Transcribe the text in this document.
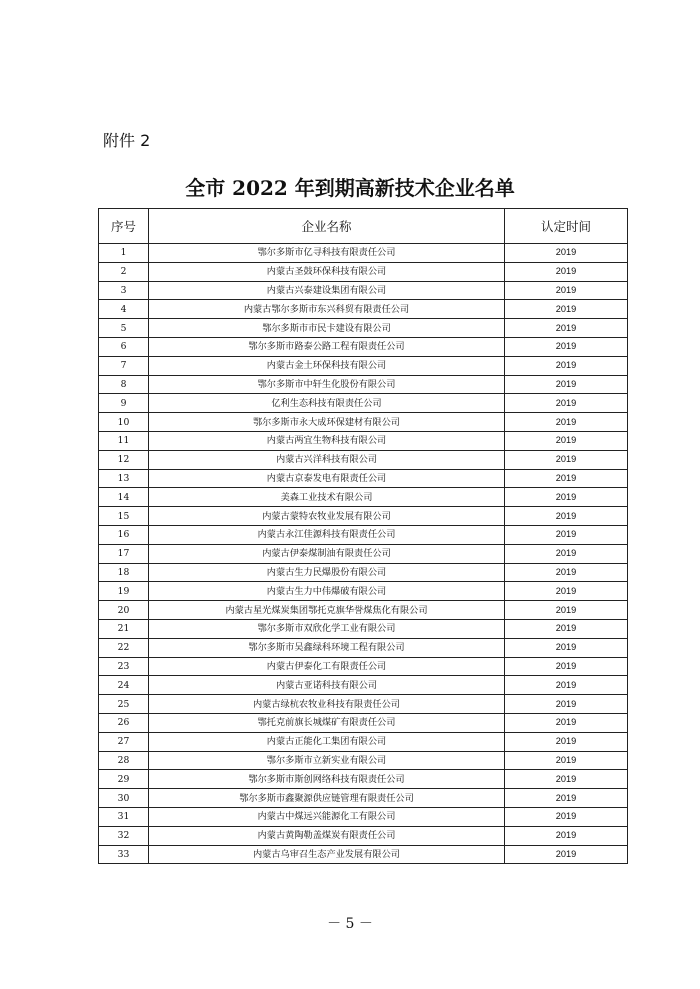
附件 2
全市 2022 年到期高新技术企业名单
序号	企业名称	认定时间
1	鄂尔多斯市亿寻科技有限责任公司	2019
2	内蒙古圣鼓环保科技有限公司	2019
3	内蒙古兴泰建设集团有限公司	2019
4	内蒙古鄂尔多斯市东兴科贸有限责任公司	2019
5	鄂尔多斯市市民卡建设有限公司	2019
6	鄂尔多斯市路泰公路工程有限责任公司	2019
7	内蒙古金土环保科技有限公司	2019
8	鄂尔多斯市中轩生化股份有限公司	2019
9	亿利生态科技有限责任公司	2019
10	鄂尔多斯市永大成环保建材有限公司	2019
11	内蒙古两宜生物科技有限公司	2019
12	内蒙古兴洋科技有限公司	2019
13	内蒙古京泰发电有限责任公司	2019
14	美森工业技术有限公司	2019
15	内蒙古蒙特农牧业发展有限公司	2019
16	内蒙古永江佳源科技有限责任公司	2019
17	内蒙古伊泰煤制油有限责任公司	2019
18	内蒙古生力民爆股份有限公司	2019
19	内蒙古生力中伟爆破有限公司	2019
20	内蒙古星光煤炭集团鄂托克旗华誉煤焦化有限公司	2019
21	鄂尔多斯市双欣化学工业有限公司	2019
22	鄂尔多斯市吴鑫绿科环境工程有限公司	2019
23	内蒙古伊泰化工有限责任公司	2019
24	内蒙古亚诺科技有限公司	2019
25	内蒙古绿杭农牧业科技有限责任公司	2019
26	鄂托克前旗长城煤矿有限责任公司	2019
27	内蒙古正能化工集团有限公司	2019
28	鄂尔多斯市立新实业有限公司	2019
29	鄂尔多斯市斯创网络科技有限责任公司	2019
30	鄂尔多斯市鑫聚源供应链管理有限责任公司	2019
31	内蒙古中煤远兴能源化工有限公司	2019
32	内蒙古黄陶勒盖煤炭有限责任公司	2019
33	内蒙古乌审召生态产业发展有限公司	2019
－ 5 －
